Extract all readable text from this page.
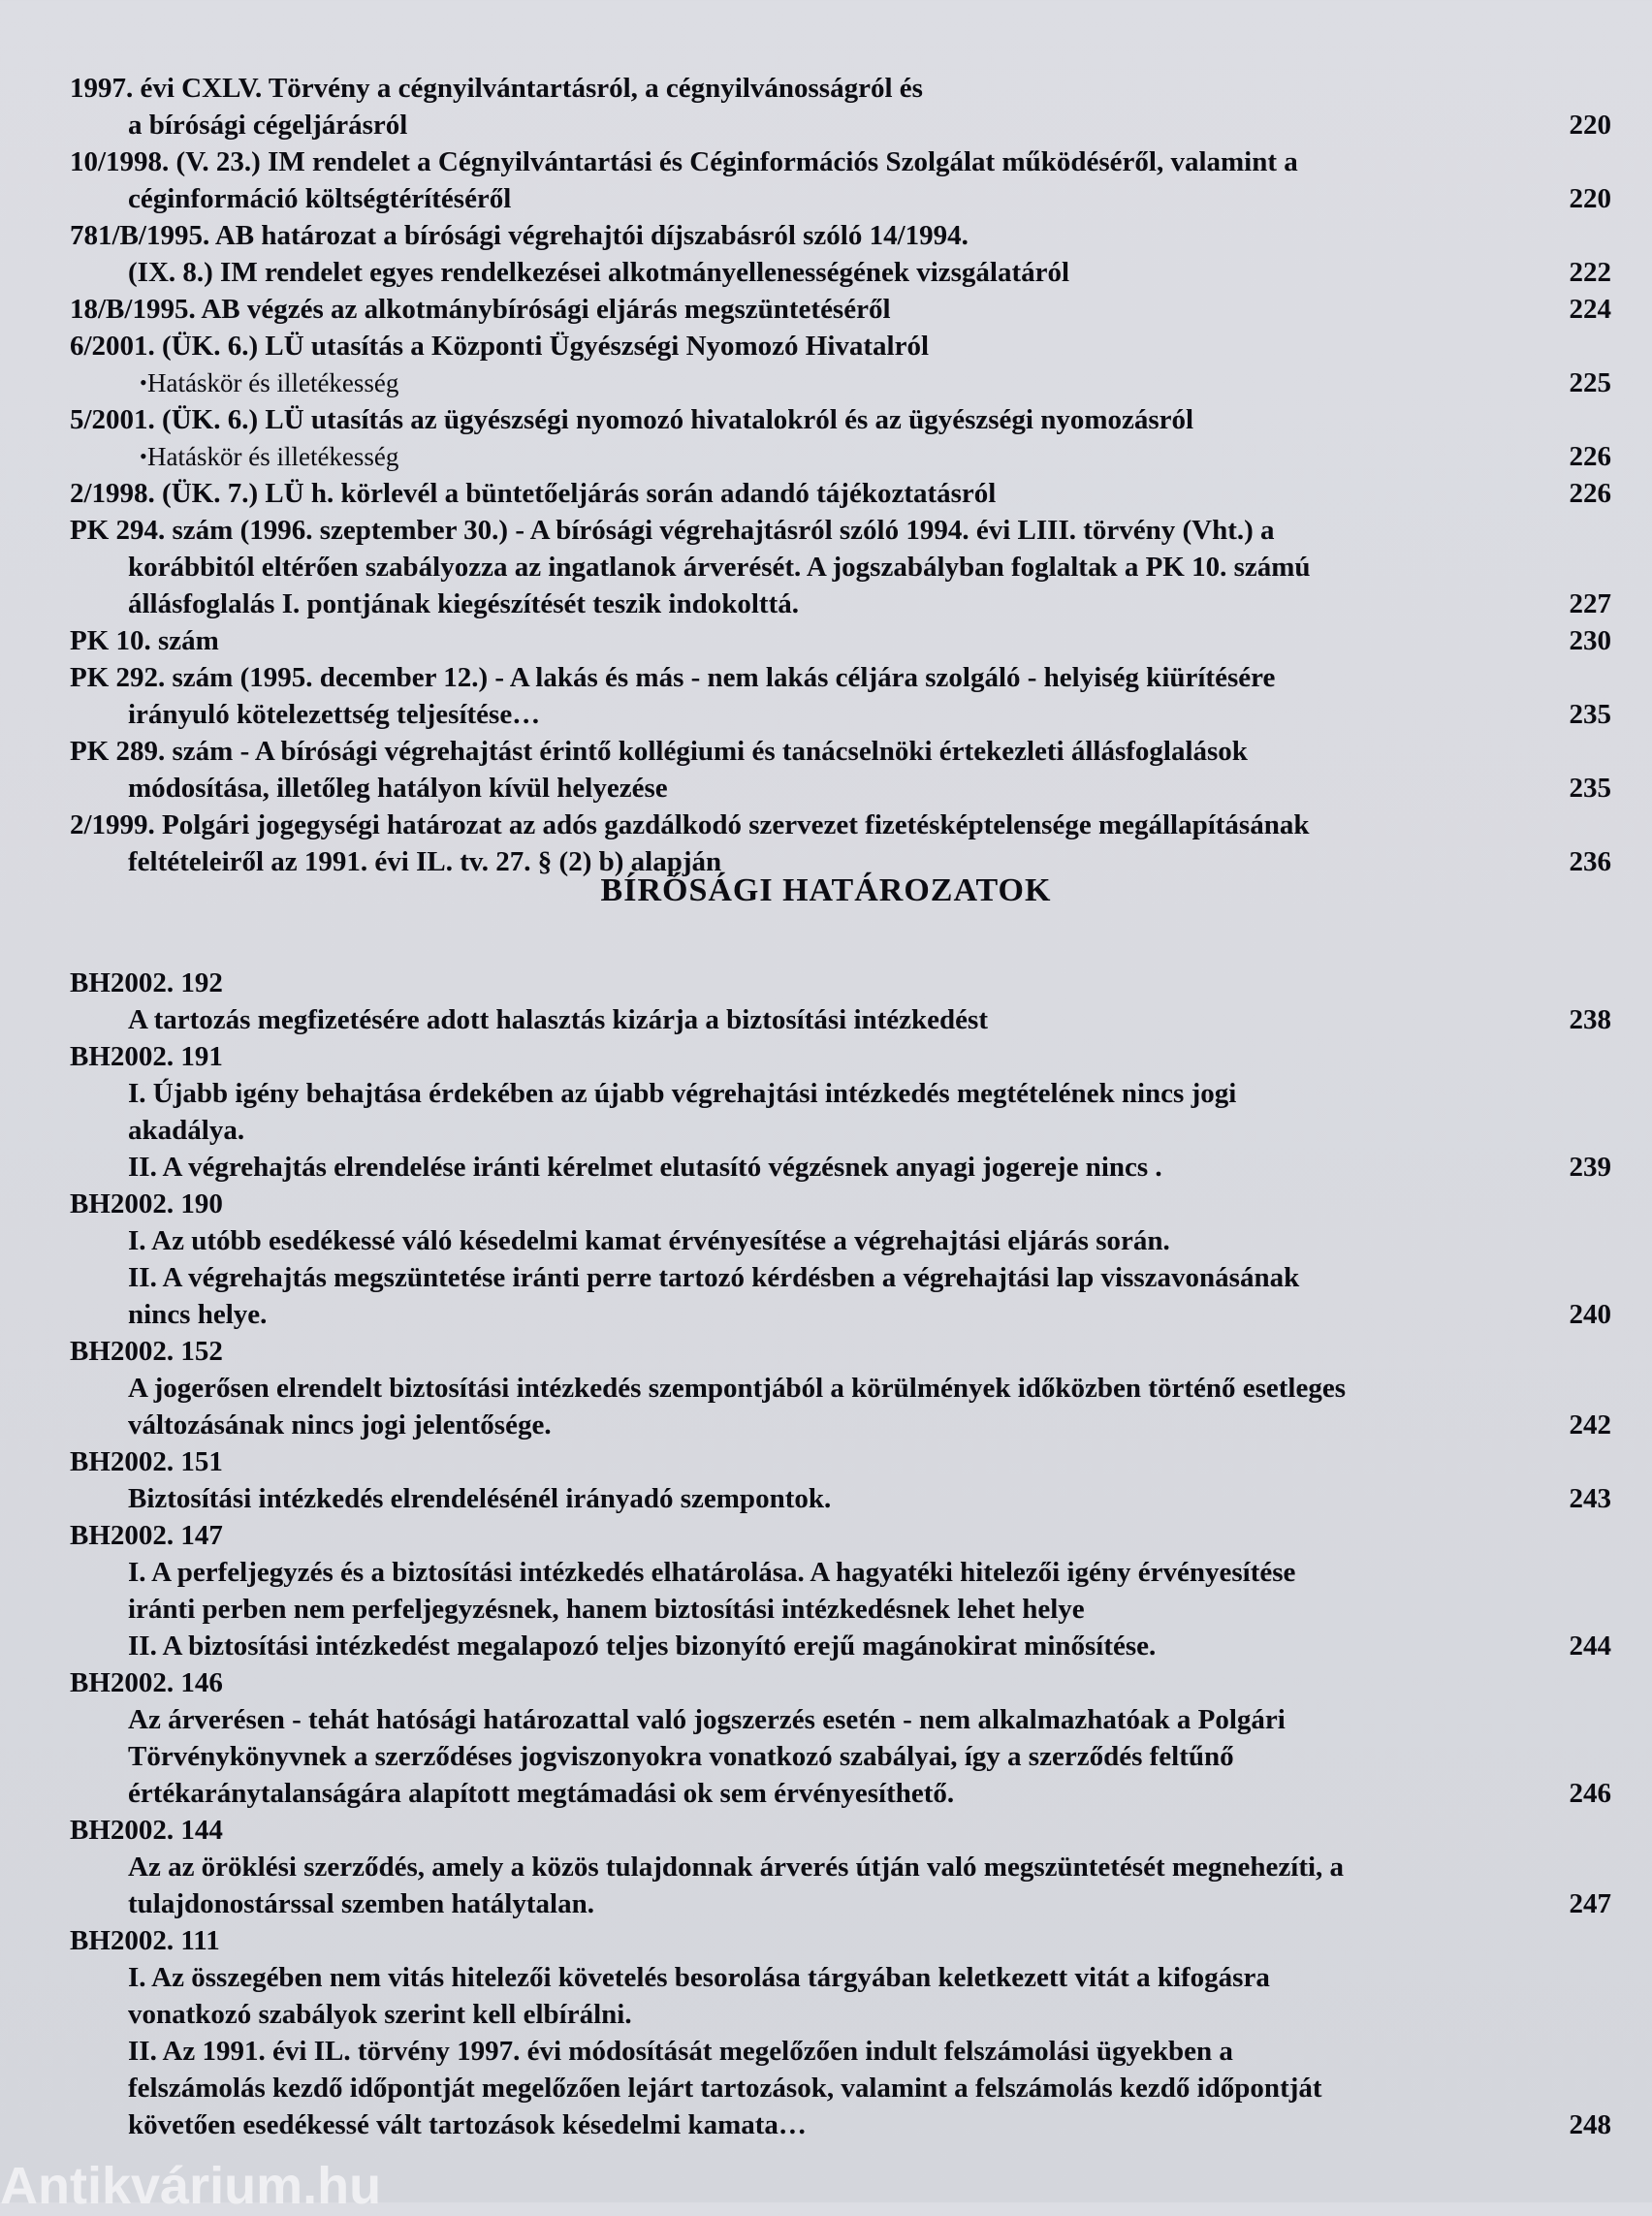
1997. évi CXLV. Törvény a cégnyilvántartásról, a cégnyilvánosságról és
a bírósági cégeljárásról	220
10/1998. (V. 23.) IM rendelet a Cégnyilvántartási és Céginformációs Szolgálat működéséről, valamint a
céginformáció költségtérítéséről	220
781/B/1995. AB határozat a bírósági végrehajtói díjszabásról szóló 14/1994.
(IX. 8.) IM rendelet egyes rendelkezései alkotmányellenességének vizsgálatáról	222
18/B/1995. AB végzés az alkotmánybírósági eljárás megszüntetéséről	224
6/2001. (ÜK. 6.) LÜ utasítás a Központi Ügyészségi Nyomozó Hivatalról
• Hatáskör és illetékesség	225
5/2001. (ÜK. 6.) LÜ utasítás az ügyészségi nyomozó hivatalokról és az ügyészségi nyomozásról
• Hatáskör és illetékesség	226
2/1998. (ÜK. 7.) LÜ h. körlevél a büntetőeljárás során adandó tájékoztatásról	226
PK 294. szám (1996. szeptember 30.) - A bírósági végrehajtásról szóló 1994. évi LIII. törvény (Vht.) a
korábbitól eltérően szabályozza az ingatlanok árverését. A jogszabályban foglaltak a PK 10. számú
állásfoglalás I. pontjának kiegészítését teszik indokolttá.	227
PK 10. szám	230
PK 292. szám (1995. december 12.) - A lakás és más - nem lakás céljára szolgáló - helyiség kiürítésére
irányuló kötelezettség teljesítése…	235
PK 289. szám - A bírósági végrehajtást érintő kollégiumi és tanácselnöki értekezleti állásfoglalások
módosítása, illetőleg hatályon kívül helyezése	235
2/1999. Polgári jogegységi határozat az adós gazdálkodó szervezet fizetésképtelensége megállapításának
feltételeiről az 1991. évi IL. tv. 27. § (2) b) alapján	236
BÍRÓSÁGI HATÁROZATOK
BH2002. 192
A tartozás megfizetésére adott halasztás kizárja a biztosítási intézkedést	238
BH2002. 191
I. Újabb igény behajtása érdekében az újabb végrehajtási intézkedés megtételének nincs jogi
akadálya.
II. A végrehajtás elrendelése iránti kérelmet elutasító végzésnek anyagi jogereje nincs .	239
BH2002. 190
I. Az utóbb esedékessé váló késedelmi kamat érvényesítése a végrehajtási eljárás során.
II. A végrehajtás megszüntetése iránti perre tartozó kérdésben a végrehajtási lap visszavonásának
nincs helye.	240
BH2002. 152
A jogerősen elrendelt biztosítási intézkedés szempontjából a körülmények időközben történő esetleges
változásának nincs jogi jelentősége.	242
BH2002. 151
Biztosítási intézkedés elrendelésénél irányadó szempontok.	243
BH2002. 147
I. A perfeljegyzés és a biztosítási intézkedés elhatárolása. A hagyatéki hitelezői igény érvényesítése
iránti perben nem perfeljegyzésnek, hanem biztosítási intézkedésnek lehet helye
II. A biztosítási intézkedést megalapozó teljes bizonyító erejű magánokirat minősítése.	244
BH2002. 146
Az árverésen - tehát hatósági határozattal való jogszerzés esetén - nem alkalmazhatóak a Polgári
Törvénykönyvnek a szerződéses jogviszonyokra vonatkozó szabályai, így a szerződés feltűnő
értékaránytalanságára alapított megtámadási ok sem érvényesíthető.	246
BH2002. 144
Az az öröklési szerződés, amely a közös tulajdonnak árverés útján való megszüntetését megnehezíti, a
tulajdonostárssal szemben hatálytalan.	247
BH2002. 111
I. Az összegében nem vitás hitelezői követelés besorolása tárgyában keletkezett vitát a kifogásra
vonatkozó szabályok szerint kell elbírálni.
II. Az 1991. évi IL. törvény 1997. évi módosítását megelőzően indult felszámolási ügyekben a
felszámolás kezdő időpontját megelőzően lejárt tartozások, valamint a felszámolás kezdő időpontját
követően esedékessé vált tartozások késedelmi kamata…	248
Antikvárium.hu
